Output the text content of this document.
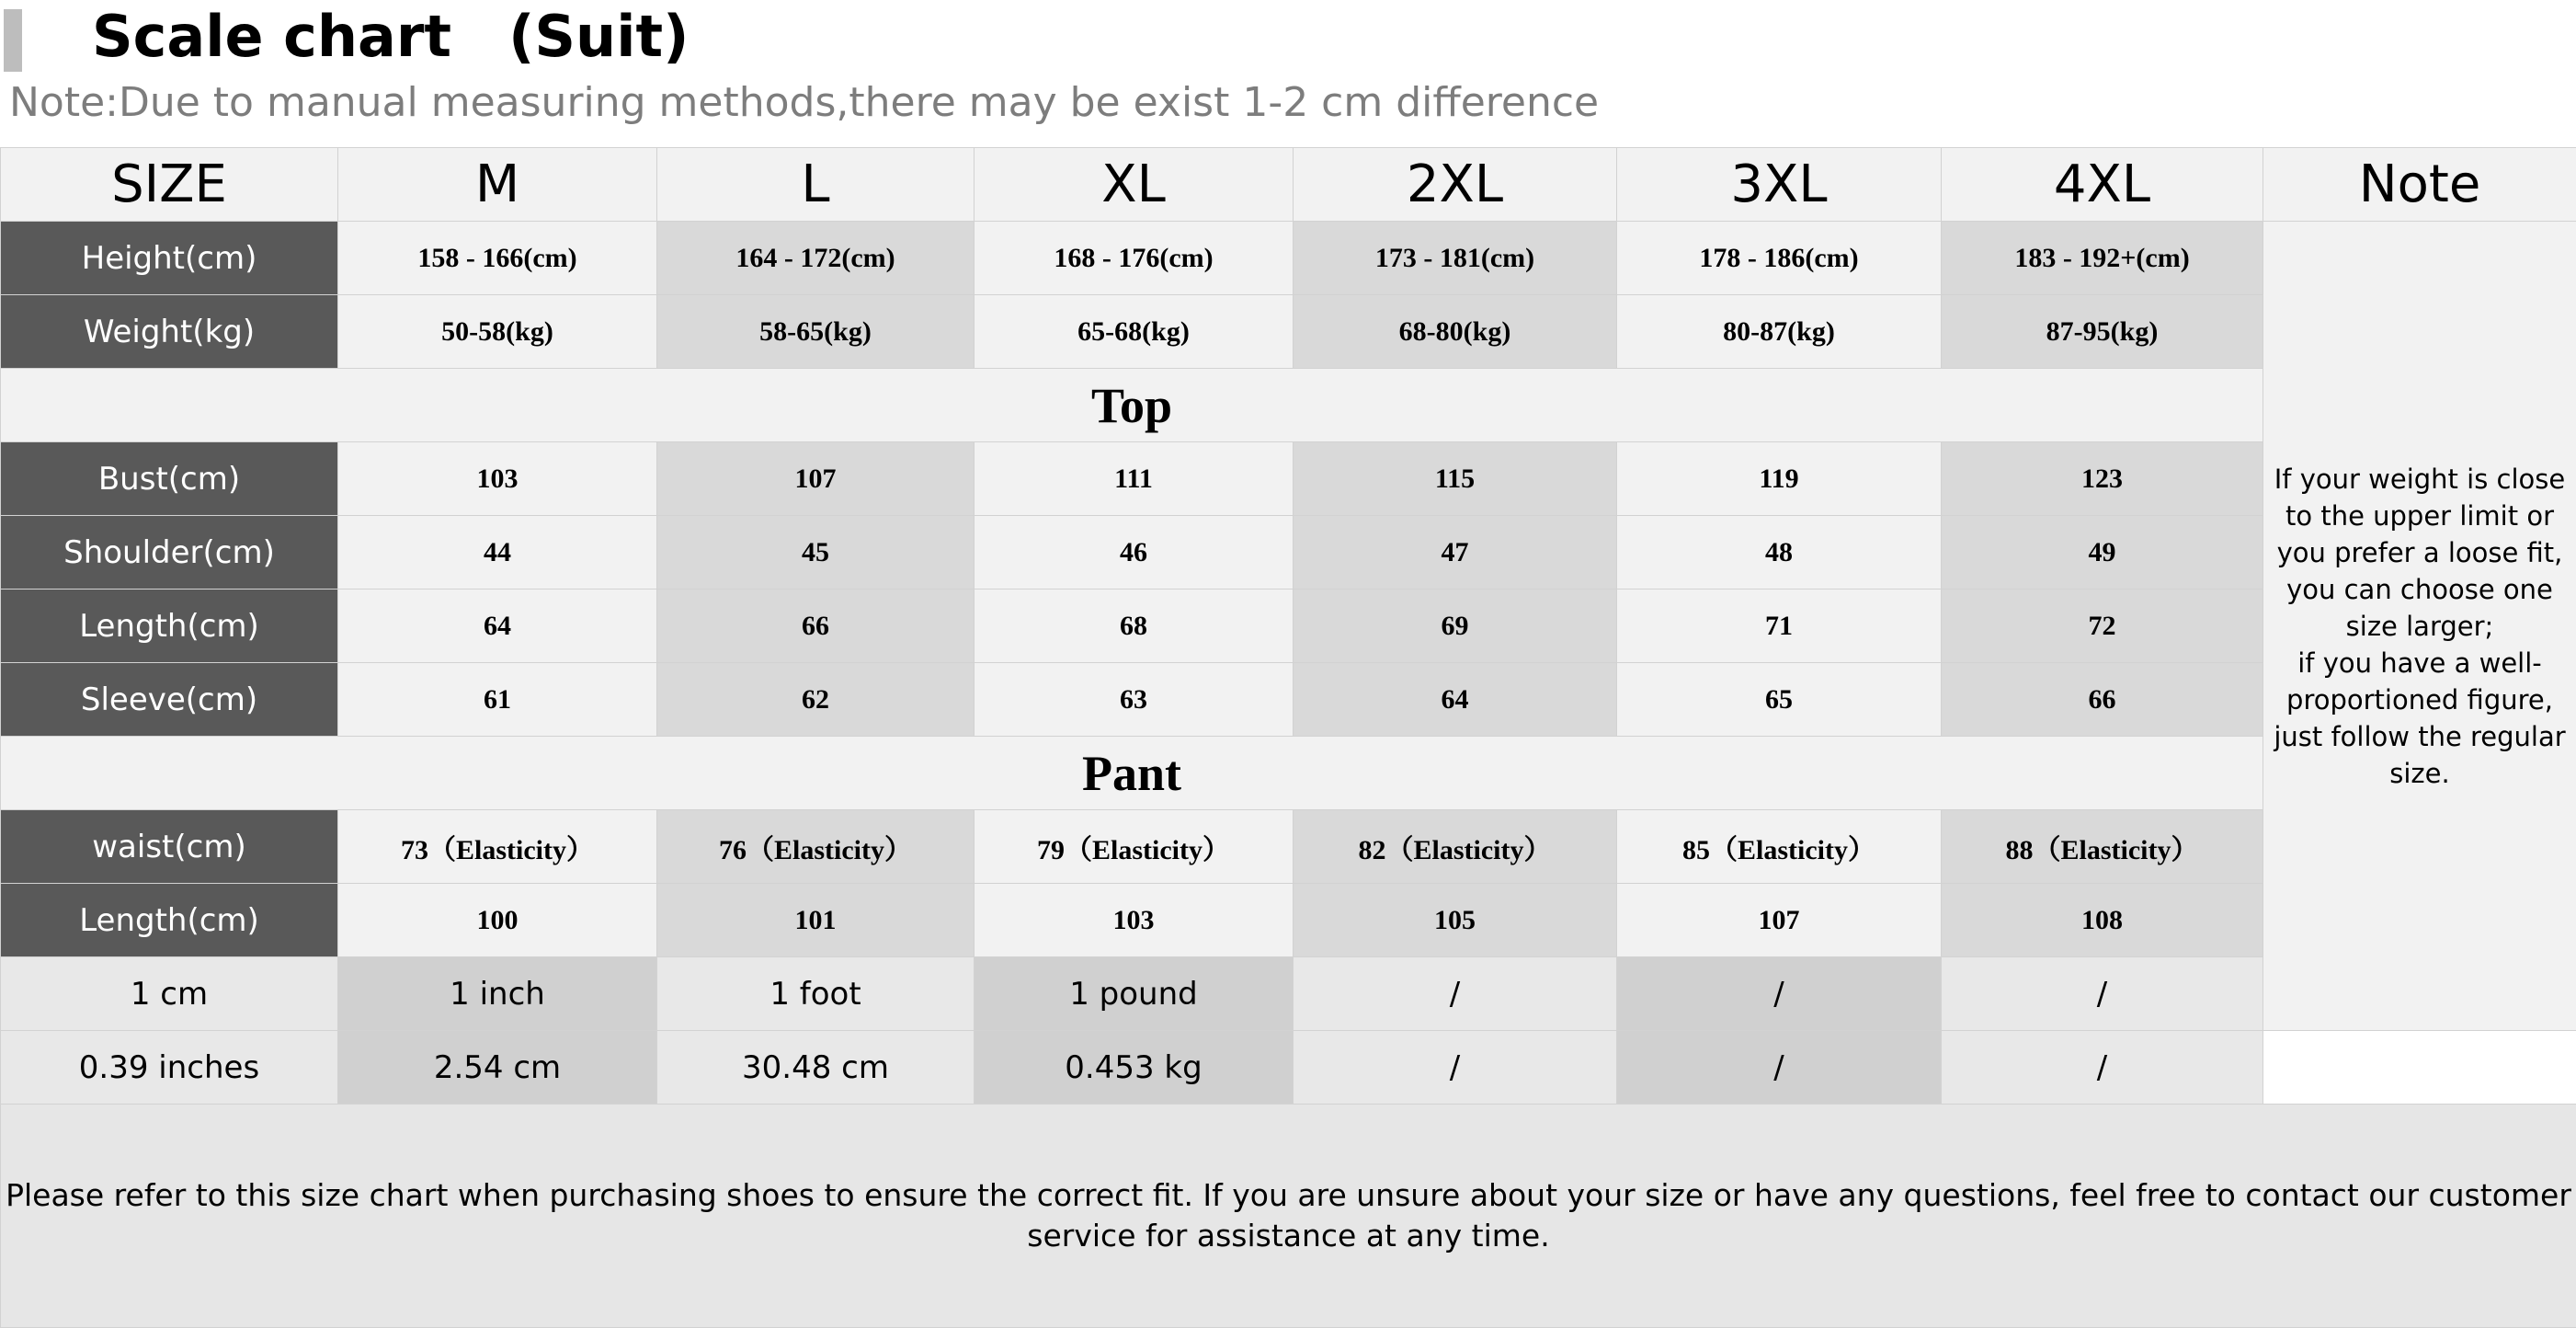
Scale chart　(Suit)
Note:Due to manual measuring methods,there may be exist 1-2 cm difference
SIZE	M	L	XL	2XL	3XL	4XL	Note
Height(cm)	158 - 166(cm)	164 - 172(cm)	168 - 176(cm)	173 - 181(cm)	178 - 186(cm)	183 - 192+(cm)	If your weight is close to the upper limit or you prefer a loose fit, you can choose one size larger;
if you have a well-proportioned figure, just follow the regular size.

Weight(kg)	50-58(kg)	58-65(kg)	65-68(kg)	68-80(kg)	80-87(kg)	87-95(kg)	
Top							
Bust(cm)	103	107	111	115	119	123	
Shoulder(cm)	44	45	46	47	48	49	
Length(cm)	64	66	68	69	71	72	
Sleeve(cm)	61	62	63	64	65	66	
Pant							
waist(cm)	73（Elasticity）	76（Elasticity）	79（Elasticity）	82（Elasticity）	85（Elasticity）	88（Elasticity）	
Length(cm)	100	101	103	105	107	108	
1 cm	1 inch	1 foot	1 pound	/	/	/	
0.39 inches	2.54 cm	30.48 cm	0.453 kg	/	/	/	
Please refer to this size chart when purchasing shoes to ensure the correct fit. If you are unsure about your size or have any questions, feel free to contact our customer service for assistance at any time.							
